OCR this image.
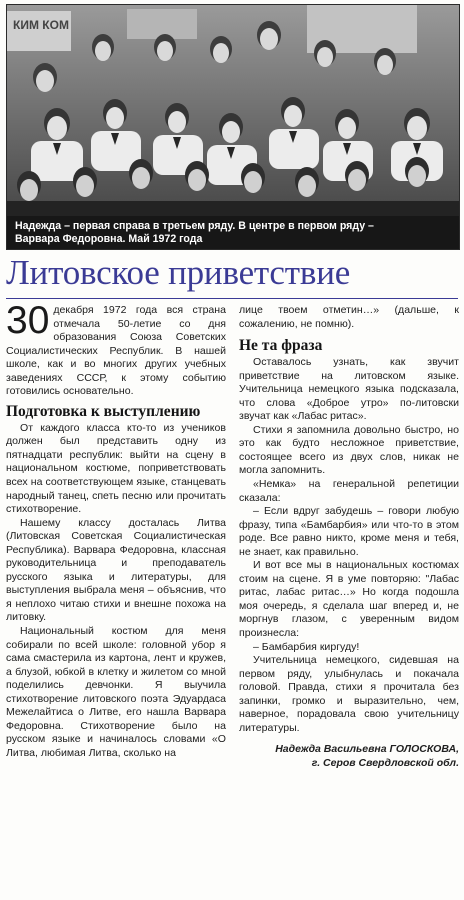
КИМ КОМ
Надежда – первая справа в третьем ряду. В центре в первом ряду –
Варвара Федоровна. Май 1972 года
Литовское приветствие

30 декабря 1972 года вся страна отмечала 50-летие со дня образования Союза Советских Социалистических Республик. В нашей школе, как и во многих других учебных заведениях СССР, к этому событию готовились основательно.

Подготовка к выступлению

От каждого класса кто-то из учеников должен был представить одну из пятнадцати республик: выйти на сцену в национальном костюме, поприветствовать всех на соответствующем языке, станцевать народный танец, спеть песню или прочитать стихотворение.

Нашему классу досталась Литва (Литовская Советская Социалистическая Республика). Варвара Федоровна, классная руководительница и преподаватель русского языка и литературы, для выступления выбрала меня – объяснив, что я неплохо читаю стихи и внешне похожа на литовку.

Национальный костюм для меня собирали по всей школе: головной убор я сама смастерила из картона, лент и кружев, а блузой, юбкой в клетку и жилетом со мной поделились девчонки. Я выучила стихотворение литовского поэта Эдуардаса Межелайтиса о Литве, его нашла Варвара Федоровна. Стихотворение было на русском языке и начиналось словами «О Литва, любимая Литва, сколько на

лице твоем отметин…» (дальше, к сожалению, не помню).

Не та фраза

Оставалось узнать, как звучит приветствие на литовском языке. Учительница немецкого языка подсказала, что слова «Доброе утро» по-литовски звучат как «Лабас ритас».

Стихи я запомнила довольно быстро, но это как будто несложное приветствие, состоящее всего из двух слов, никак не могла запомнить.

«Немка» на генеральной репетиции сказала:

– Если вдруг забудешь – говори любую фразу, типа «Бамбарбия» или что-то в этом роде. Все равно никто, кроме меня и тебя, не знает, как правильно.

И вот все мы в национальных костюмах стоим на сцене. Я в уме повторяю: "Лабас ритас, лабас ритас…» Но когда подошла моя очередь, я сделала шаг вперед и, не моргнув глазом, с уверенным видом произнесла:

– Бамбарбия киргуду!

Учительница немецкого, сидевшая на первом ряду, улыбнулась и покачала головой. Правда, стихи я прочитала без запинки, громко и выразительно, чем, наверное, порадовала свою учительницу литературы.

Надежда Васильевна ГОЛОСКОВА,
г. Серов Свердловской обл.
